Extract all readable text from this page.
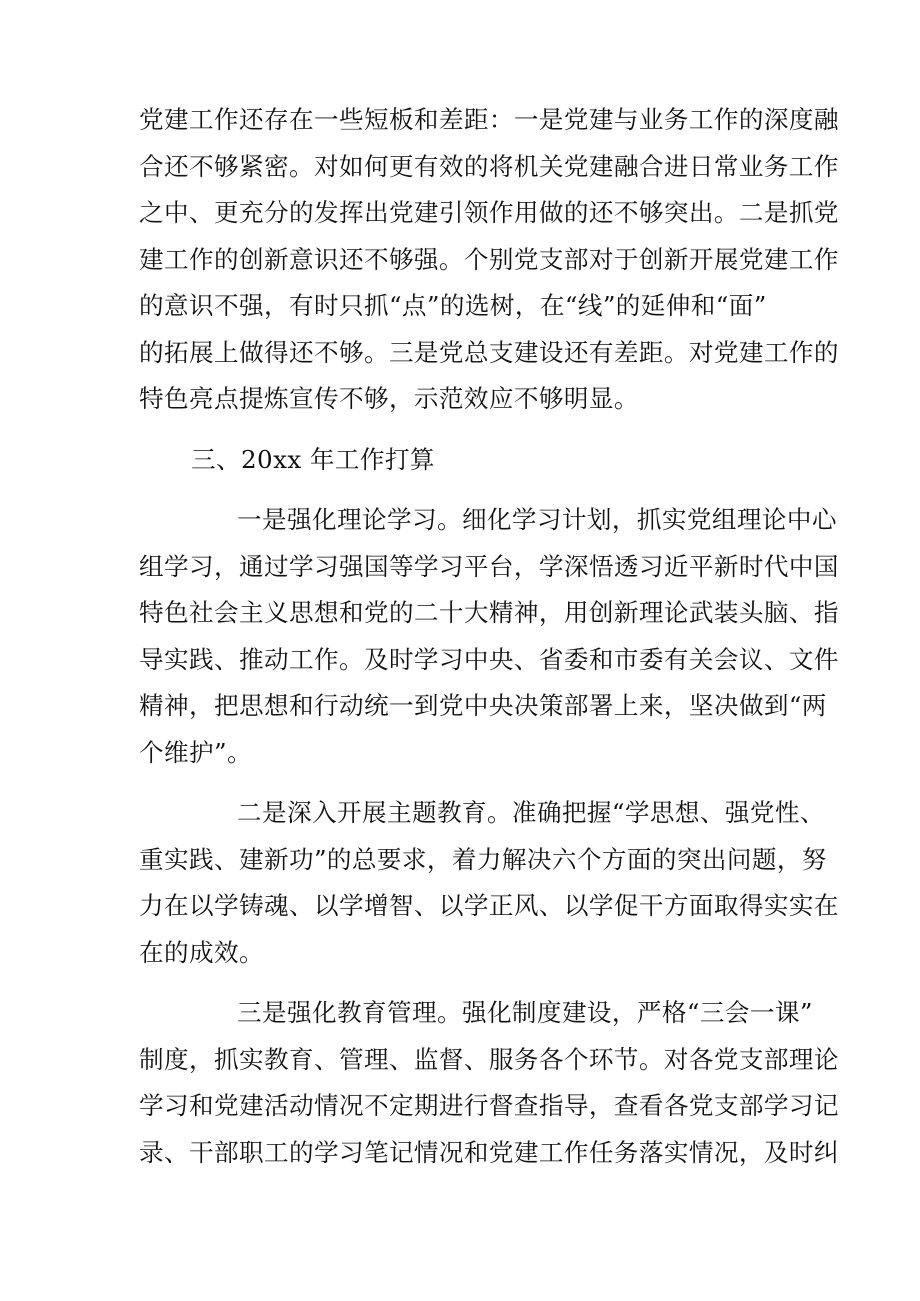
党建工作还存在一些短板和差距：一是党建与业务工作的深度融
合还不够紧密。对如何更有效的将机关党建融合进日常业务工作
之中、更充分的发挥出党建引领作用做的还不够突出。二是抓党
建工作的创新意识还不够强。个别党支部对于创新开展党建工作
的意识不强，有时只抓“点”的选树，在“线”的延伸和“面”
的拓展上做得还不够。三是党总支建设还有差距。对党建工作的
特色亮点提炼宣传不够，示范效应不够明显。

三、20xx 年工作打算

一是强化理论学习。细化学习计划，抓实党组理论中心
组学习，通过学习强国等学习平台，学深悟透习近平新时代中国
特色社会主义思想和党的二十大精神，用创新理论武装头脑、指
导实践、推动工作。及时学习中央、省委和市委有关会议、文件
精神，把思想和行动统一到党中央决策部署上来，坚决做到“两
个维护”。

二是深入开展主题教育。准确把握“学思想、强党性、
重实践、建新功”的总要求，着力解决六个方面的突出问题，努
力在以学铸魂、以学增智、以学正风、以学促干方面取得实实在
在的成效。

三是强化教育管理。强化制度建设，严格“三会一课”
制度，抓实教育、管理、监督、服务各个环节。对各党支部理论
学习和党建活动情况不定期进行督查指导，查看各党支部学习记
录、干部职工的学习笔记情况和党建工作任务落实情况，及时纠
